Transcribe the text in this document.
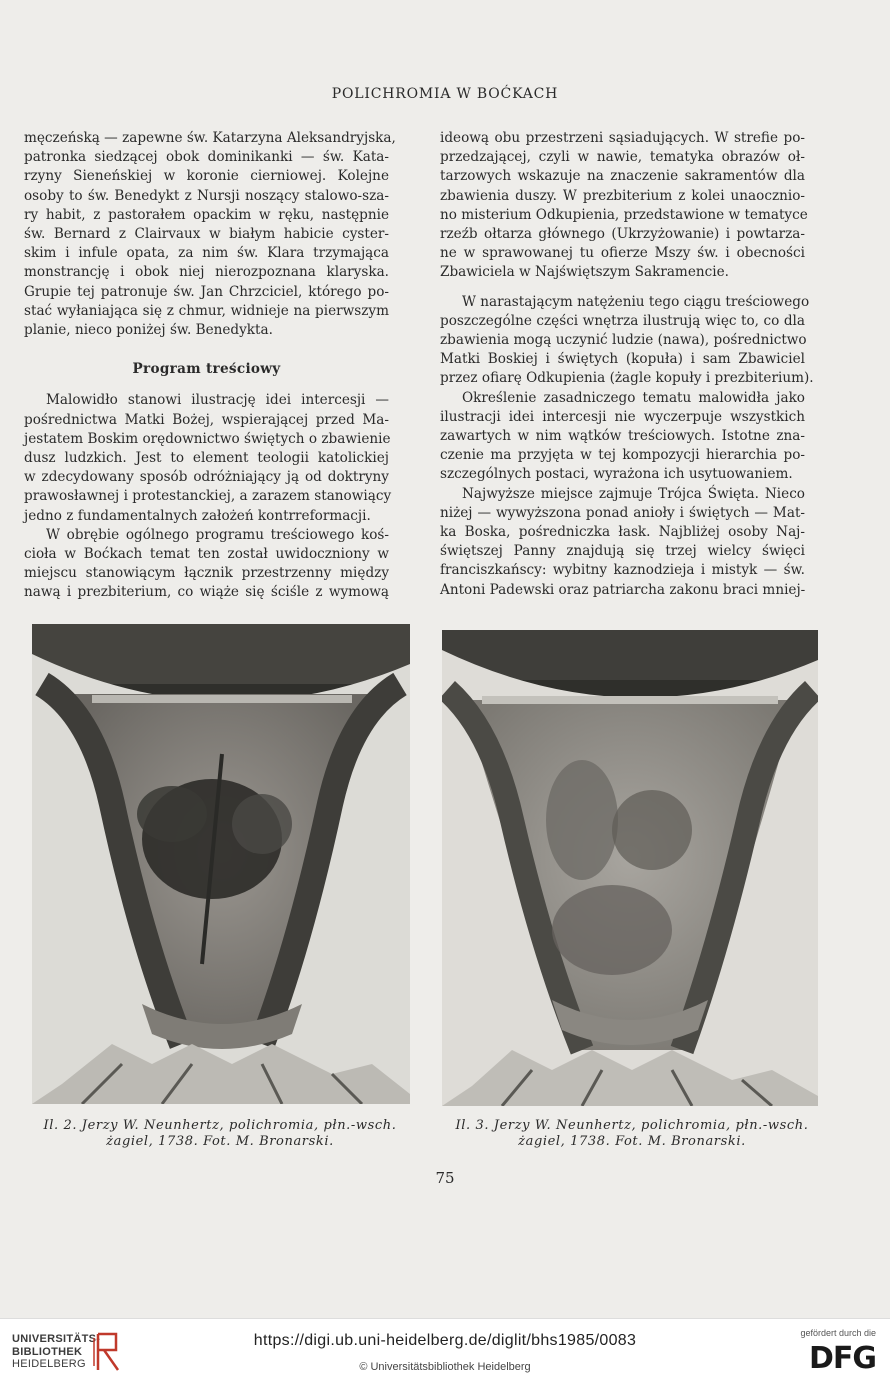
POLICHROMIA W BOĆKACH

męczeńską — zapewne św. Katarzyna Aleksandryjska,
patronka siedzącej obok dominikanki — św. Kata-
rzyny Sieneńskiej w koronie cierniowej. Kolejne
osoby to św. Benedykt z Nursji noszący stalowo-sza-
ry habit, z pastorałem opackim w ręku, następnie
św. Bernard z Clairvaux w białym habicie cyster-
skim i infule opata, za nim św. Klara trzymająca
monstrancję i obok niej nierozpoznana klaryska.
Grupie tej patronuje św. Jan Chrzciciel, którego po-
stać wyłaniająca się z chmur, widnieje na pierwszym
planie, nieco poniżej św. Benedykta.

Program treściowy

Malowidło stanowi ilustrację idei intercesji —
pośrednictwa Matki Bożej, wspierającej przed Ma-
jestatem Boskim orędownictwo świętych o zbawienie
dusz ludzkich. Jest to element teologii katolickiej
w zdecydowany sposób odróżniający ją od doktryny
prawosławnej i protestanckiej, a zarazem stanowiący
jedno z fundamentalnych założeń kontrreformacji.

W obrębie ogólnego programu treściowego koś-
cioła w Boćkach temat ten został uwidoczniony w
miejscu stanowiącym łącznik przestrzenny między
nawą i prezbiterium, co wiąże się ściśle z wymową

ideową obu przestrzeni sąsiadujących. W strefie po-
przedzającej, czyli w nawie, tematyka obrazów oł-
tarzowych wskazuje na znaczenie sakramentów dla
zbawienia duszy. W prezbiterium z kolei unaocznio-
no misterium Odkupienia, przedstawione w tematyce
rzeźb ołtarza głównego (Ukrzyżowanie) i powtarza-
ne w sprawowanej tu ofierze Mszy św. i obecności
Zbawiciela w Najświętszym Sakramencie.

W narastającym natężeniu tego ciągu treściowego
poszczególne części wnętrza ilustrują więc to, co dla
zbawienia mogą uczynić ludzie (nawa), pośrednictwo
Matki Boskiej i świętych (kopuła) i sam Zbawiciel
przez ofiarę Odkupienia (żagle kopuły i prezbiterium).

Określenie zasadniczego tematu malowidła jako
ilustracji idei intercesji nie wyczerpuje wszystkich
zawartych w nim wątków treściowych. Istotne zna-
czenie ma przyjęta w tej kompozycji hierarchia po-
szczególnych postaci, wyrażona ich usytuowaniem.

Najwyższe miejsce zajmuje Trójca Święta. Nieco
niżej — wywyższona ponad anioły i świętych — Mat-
ka Boska, pośredniczka łask. Najbliżej osoby Naj-
świętszej Panny znajdują się trzej wielcy święci
franciszkańscy: wybitny kaznodzieja i mistyk — św.
Antoni Padewski oraz patriarcha zakonu braci mniej-

Il. 2. Jerzy W. Neunhertz, polichromia, płn.-wsch.
żagiel, 1738. Fot. M. Bronarski.
Il. 3. Jerzy W. Neunhertz, polichromia, płn.-wsch.
żagiel, 1738. Fot. M. Bronarski.
75
UNIVERSITÄTS-
BIBLIOTHEK
HEIDELBERG
https://digi.ub.uni-heidelberg.de/diglit/bhs1985/0083
© Universitätsbibliothek Heidelberg
gefördert durch die
DFG
